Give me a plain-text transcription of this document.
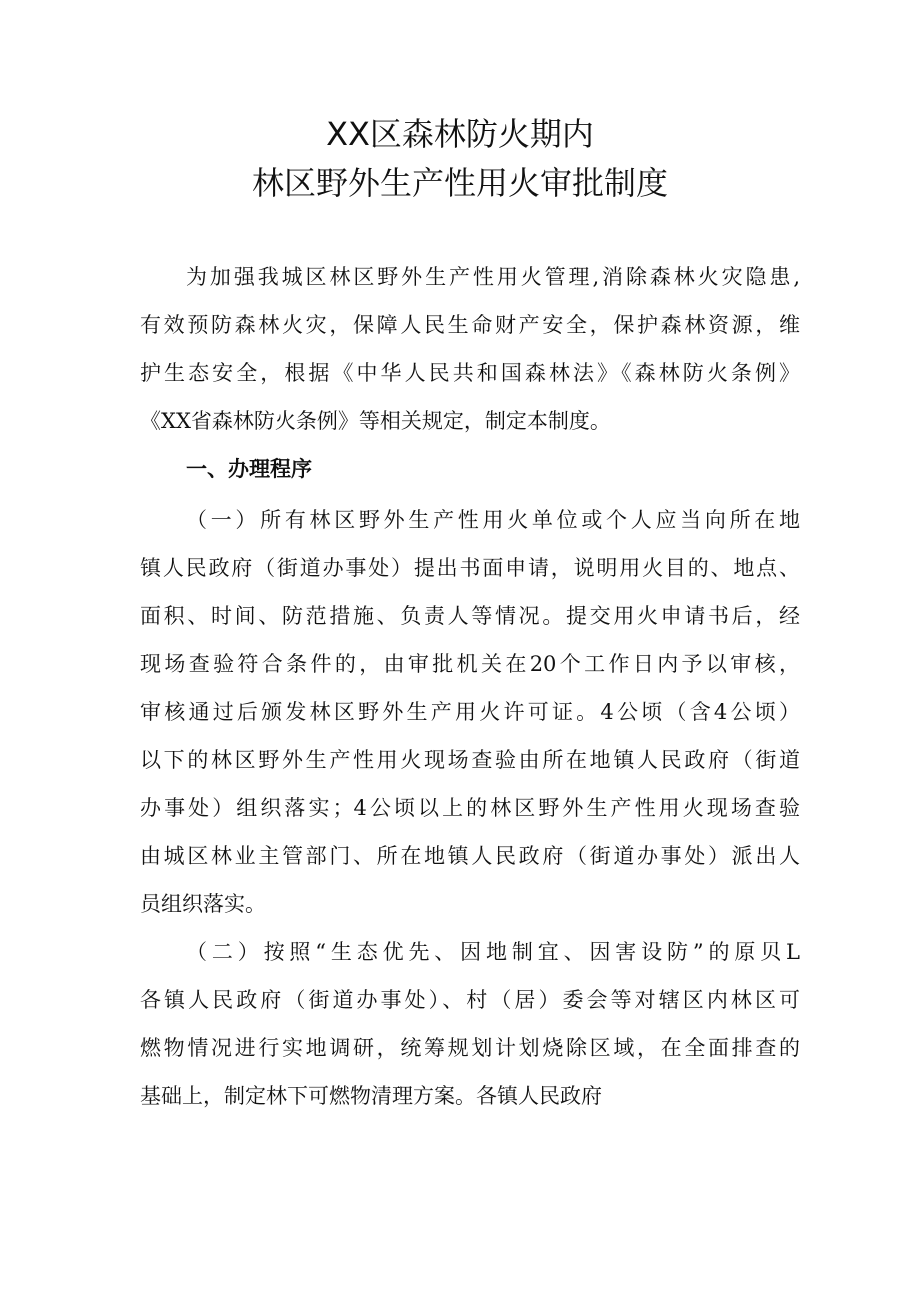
XX区森林防火期内
林区野外生产性用火审批制度
为加强我城区林区野外生产性用火管理,消除森林火灾隐患,
有效预防森林火灾，保障人民生命财产安全，保护森林资源，维
护生态安全，根据《中华人民共和国森林法》《森林防火条例》
《XX省森林防火条例》等相关规定，制定本制度。
一、办理程序
（一）所有林区野外生产性用火单位或个人应当向所在地
镇人民政府（街道办事处）提出书面申请，说明用火目的、地点、
面积、时间、防范措施、负责人等情况。提交用火申请书后，经
现场查验符合条件的，由审批机关在20个工作日内予以审核，
审核通过后颁发林区野外生产用火许可证。4公顷（含4公顷）
以下的林区野外生产性用火现场查验由所在地镇人民政府（街道
办事处）组织落实；4公顷以上的林区野外生产性用火现场查验
由城区林业主管部门、所在地镇人民政府（街道办事处）派出人
员组织落实。
（二）按照“生态优先、因地制宜、因害设防”的原贝L
各镇人民政府（街道办事处）、村（居）委会等对辖区内林区可
燃物情况进行实地调研，统筹规划计划烧除区域，在全面排查的
基础上，制定林下可燃物清理方案。各镇人民政府
